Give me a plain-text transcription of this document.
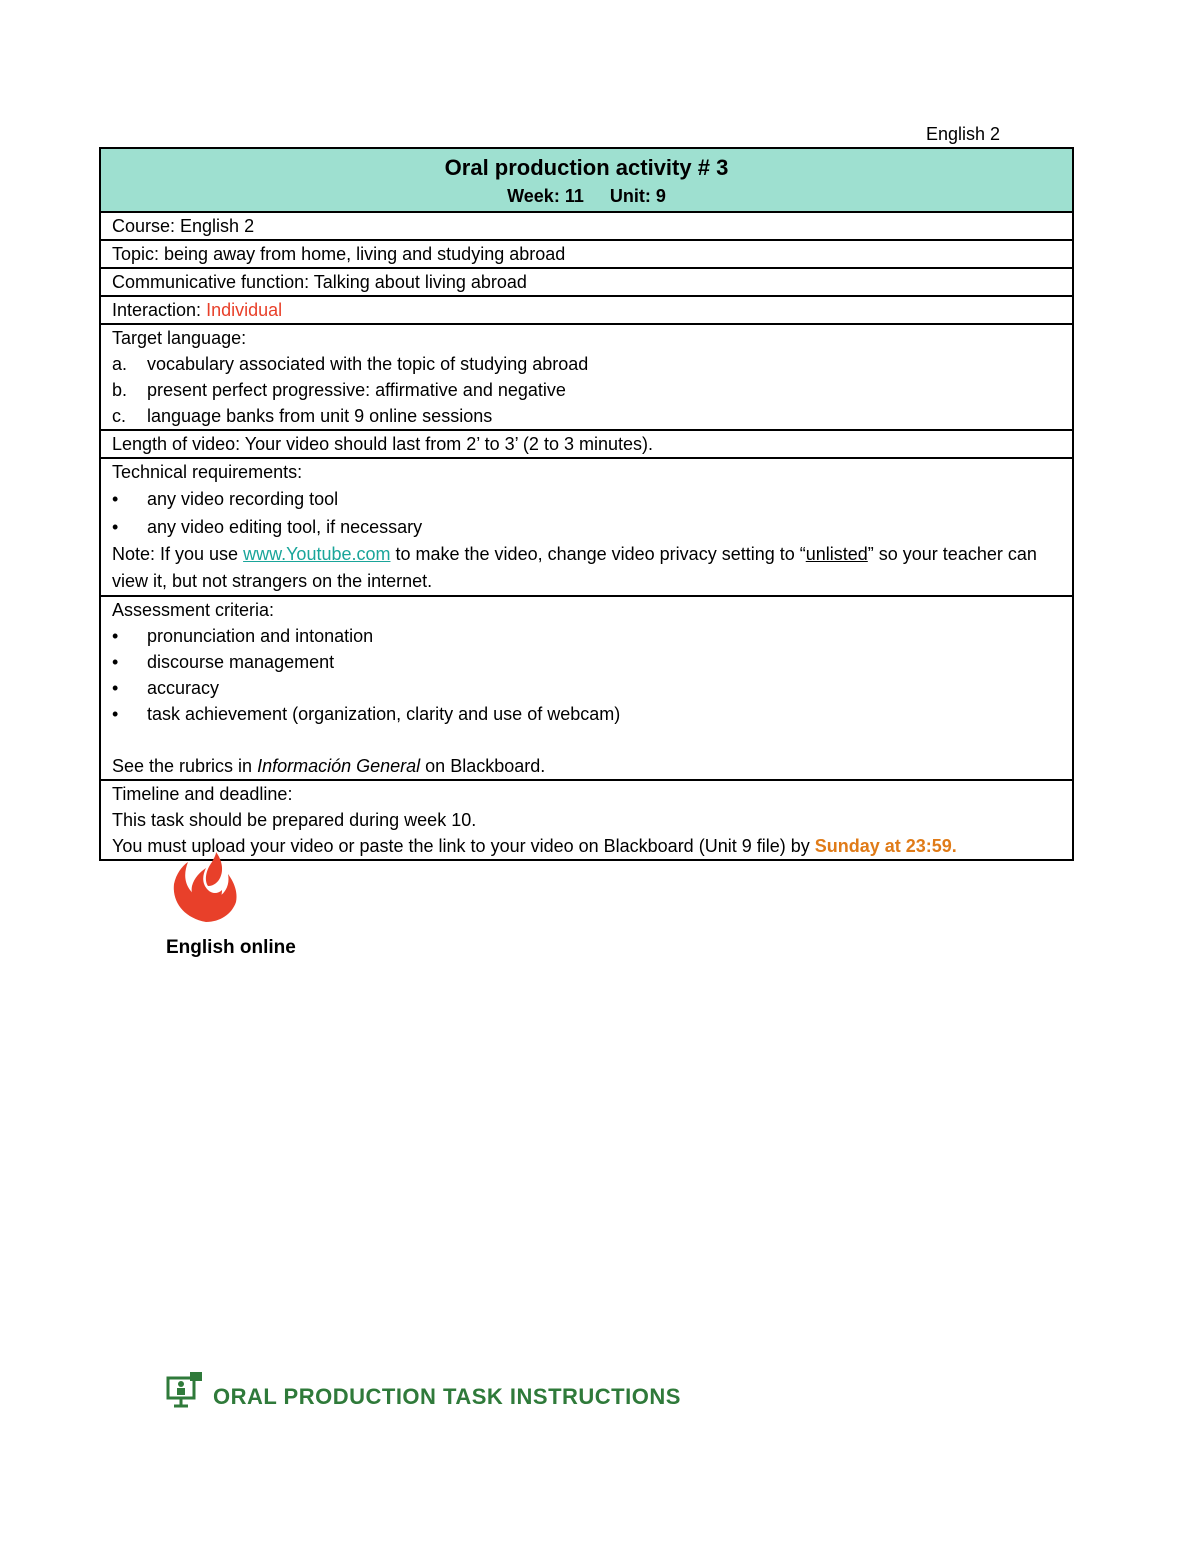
English 2
Oral production activity # 3
Week: 11 Unit: 9
Course: English 2
Topic: being away from home, living and studying abroad
Communicative function: Talking about living abroad
Interaction: Individual
Target language:
a.	vocabulary associated with the topic of studying abroad
b.	present perfect progressive: affirmative and negative
c.	language banks from unit 9 online sessions
Length of video: Your video should last from 2’ to 3’ (2 to 3 minutes).
Technical requirements:
•	any video recording tool
•	any video editing tool, if necessary
Note: If you use www.Youtube.com to make the video, change video privacy setting to “unlisted” so your teacher can view it, but not strangers on the internet.
Assessment criteria:
•	pronunciation and intonation
•	discourse management
•	accuracy
•	task achievement (organization, clarity and use of webcam)
See the rubrics in Información General on Blackboard.
Timeline and deadline:
This task should be prepared during week 10.
You must upload your video or paste the link to your video on Blackboard (Unit 9 file) by Sunday at 23:59.
English online
ORAL PRODUCTION TASK INSTRUCTIONS
